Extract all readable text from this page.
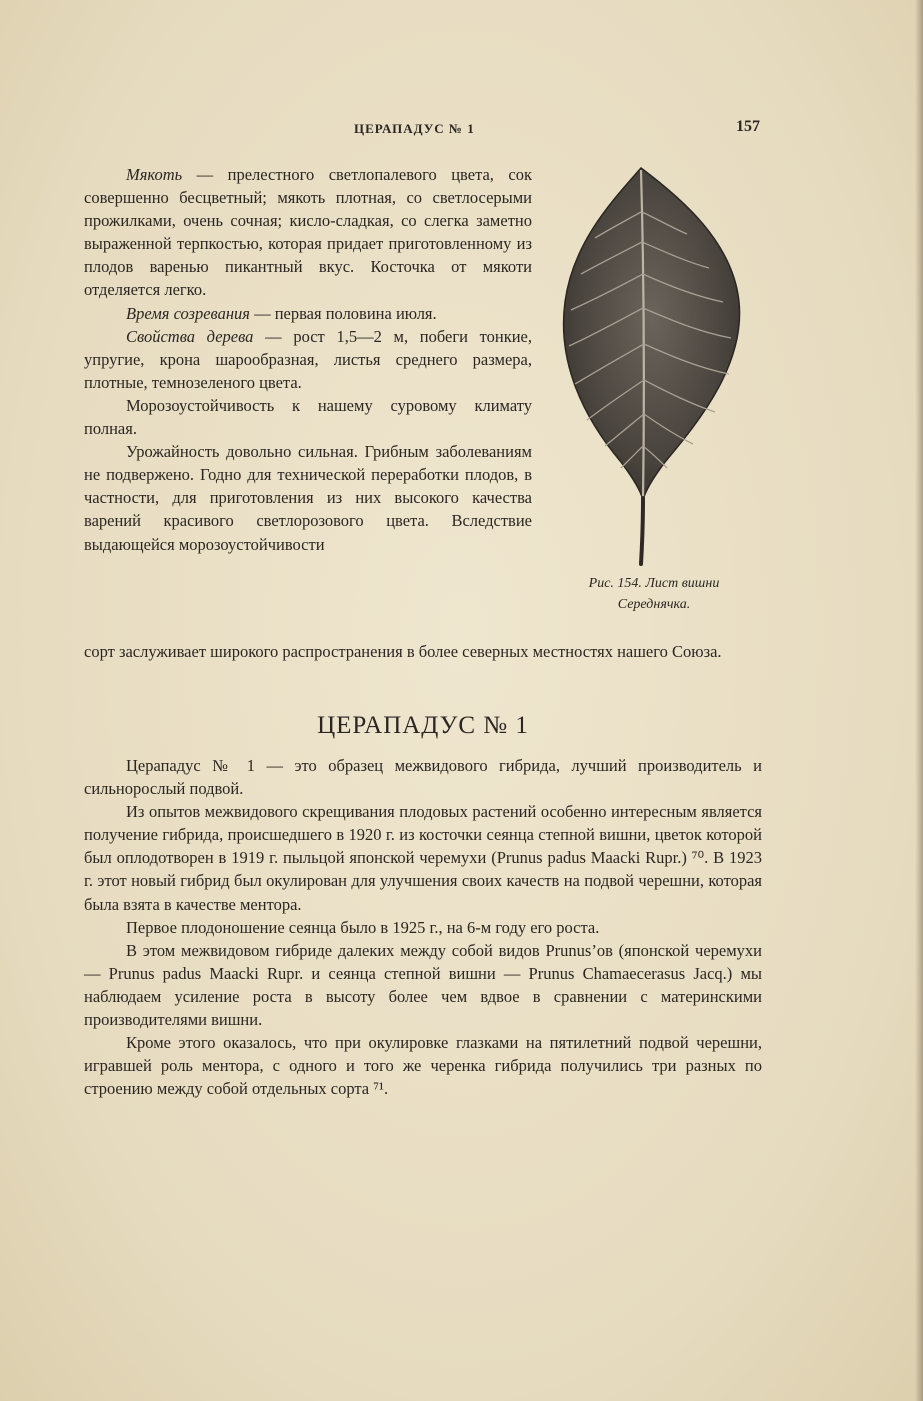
ЦЕРАПАДУС № 1	157

Мякоть — прелестного светлопалевого цвета, сок совершенно бесцветный; мякоть плотная, со светлосерыми прожилками, очень сочная; кисло-сладкая, со слегка заметно выраженной терпкостью, которая придает приготовленному из плодов варенью пикантный вкус. Косточка от мякоти отделяется легко.

Время созревания — первая половина июля.

Свойства дерева — рост 1,5—2 м, побеги тонкие, упругие, крона шарообразная, листья среднего размера, плотные, темнозеленого цвета.

Морозоустойчивость к нашему суровому климату полная.

Урожайность довольно сильная. Грибным заболеваниям не подвержено. Годно для технической переработки плодов, в частности, для приготовления из них высокого качества варений красивого светлорозового цвета. Вследствие выдающейся морозоустойчивости

сорт заслуживает широкого распространения в более северных местностях нашего Союза.

Рис. 154. Лист вишни
Середнячка.
ЦЕРАПАДУС № 1

Церападус № 1 — это образец межвидового гибрида, лучший производитель и сильнорослый подвой.

Из опытов межвидового скрещивания плодовых растений особенно интересным является получение гибрида, происшедшего в 1920 г. из косточки сеянца степной вишни, цветок которой был оплодотворен в 1919 г. пыльцой японской черемухи (Prunus padus Maacki Rupr.) ⁷⁰. В 1923 г. этот новый гибрид был окулирован для улучшения своих качеств на подвой черешни, которая была взята в качестве ментора.

Первое плодоношение сеянца было в 1925 г., на 6-м году его роста.

В этом межвидовом гибриде далеких между собой видов Prunus’ов (японской черемухи — Prunus padus Maacki Rupr. и сеянца степной вишни — Prunus Chamaecerasus Jacq.) мы наблюдаем усиление роста в высоту более чем вдвое в сравнении с материнскими производителями вишни.

Кроме этого оказалось, что при окулировке глазками на пятилетний подвой черешни, игравшей роль ментора, с одного и того же черенка гибрида получились три разных по строению между собой отдельных сорта ⁷¹.
